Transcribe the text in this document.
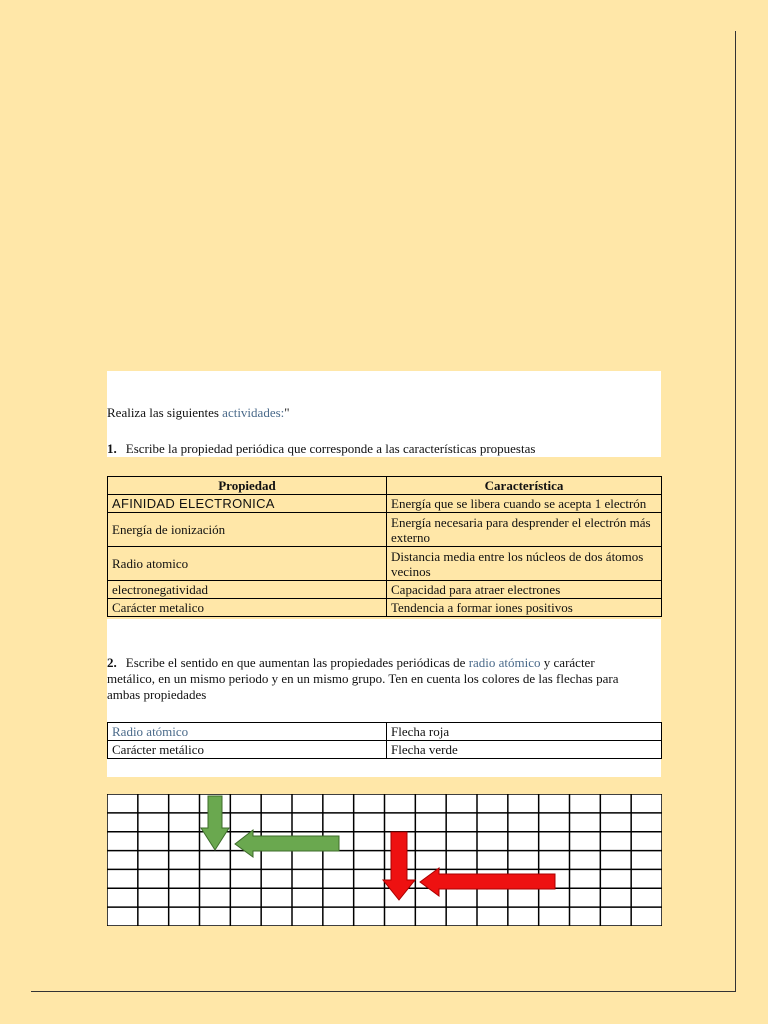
Realiza las siguientes actividades:"
1. Escribe la propiedad periódica que corresponde a las características propuestas
Propiedad	Característica
AFINIDAD ELECTRONICA	Energía que se libera cuando se acepta 1 electrón
Energía de ionización	Energía necesaria para desprender el electrón más externo
Radio atomico	Distancia media entre los núcleos de dos átomos vecinos
electronegatividad	Capacidad para atraer electrones
Carácter metalico	Tendencia a formar iones positivos
2. Escribe el sentido en que aumentan las propiedades periódicas de radio atómico y carácter
metálico, en un mismo periodo y en un mismo grupo. Ten en cuenta los colores de las flechas para
ambas propiedades
Radio atómico	Flecha roja
Carácter metálico	Flecha verde
